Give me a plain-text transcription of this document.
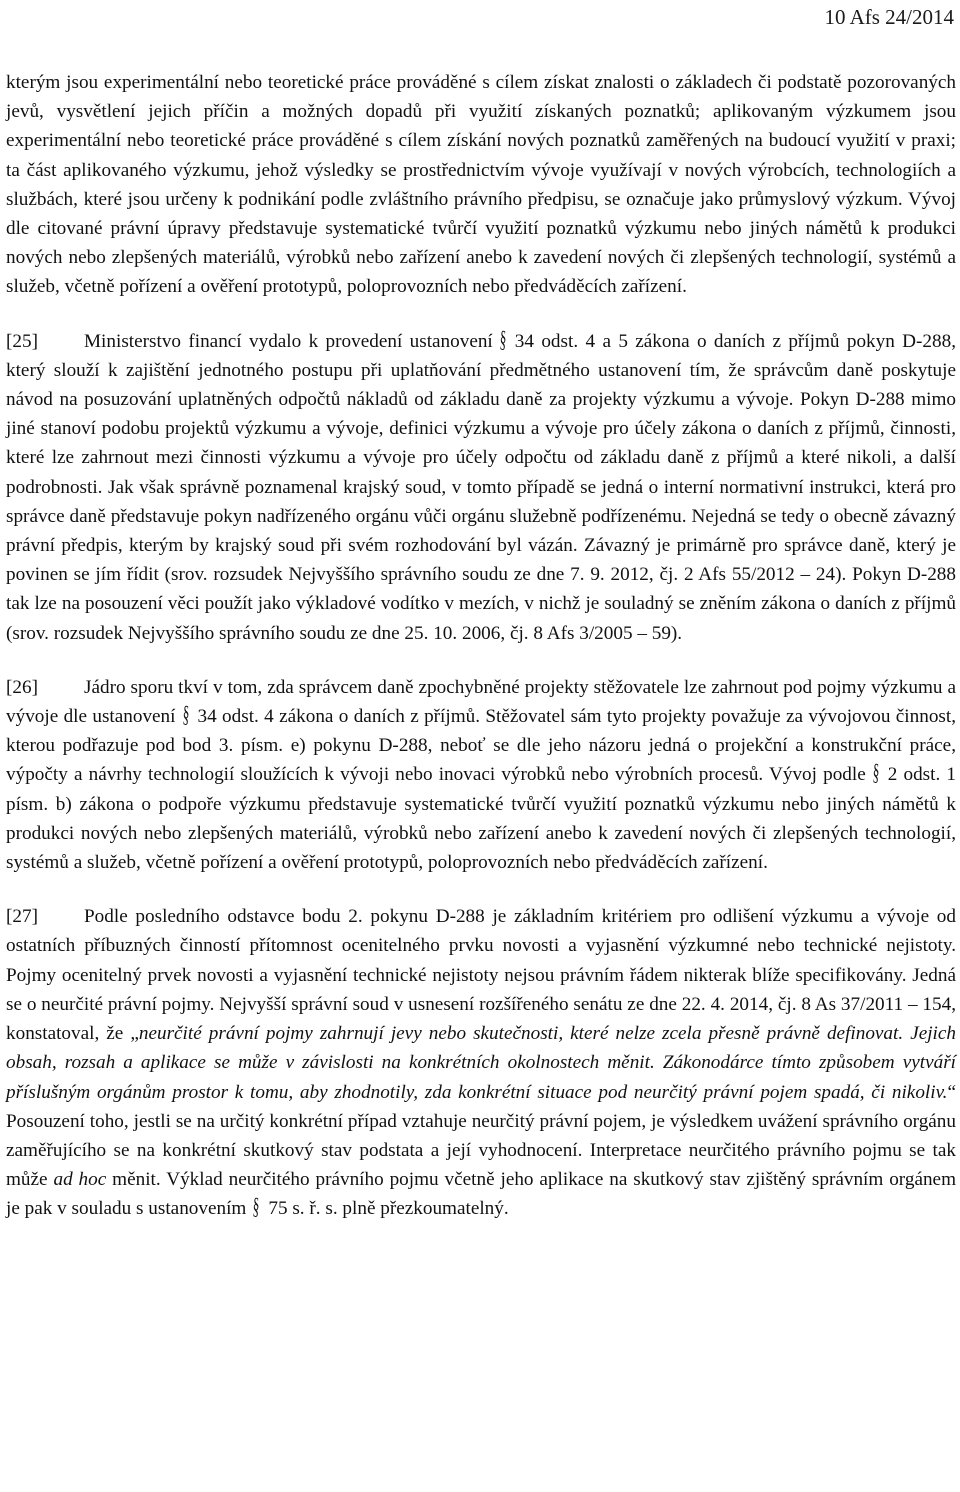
10 Afs 24/2014

kterým jsou experimentální nebo teoretické práce prováděné s cílem získat znalosti o základech či podstatě pozorovaných jevů, vysvětlení jejich příčin a možných dopadů při využití získaných poznatků; aplikovaným výzkumem jsou experimentální nebo teoretické práce prováděné s cílem získání nových poznatků zaměřených na budoucí využití v praxi; ta část aplikovaného výzkumu, jehož výsledky se prostřednictvím vývoje využívají v nových výrobcích, technologiích a službách, které jsou určeny k podnikání podle zvláštního právního předpisu, se označuje jako průmyslový výzkum. Vývoj dle citované právní úpravy představuje systematické tvůrčí využití poznatků výzkumu nebo jiných námětů k produkci nových nebo zlepšených materiálů, výrobků nebo zařízení anebo k zavedení nových či zlepšených technologií, systémů a služeb, včetně pořízení a ověření prototypů, poloprovozních nebo předváděcích zařízení.

[25] Ministerstvo financí vydalo k provedení ustanovení § 34 odst. 4 a 5 zákona o daních z příjmů pokyn D-288, který slouží k zajištění jednotného postupu při uplatňování předmětného ustanovení tím, že správcům daně poskytuje návod na posuzování uplatněných odpočtů nákladů od základu daně za projekty výzkumu a vývoje. Pokyn D-288 mimo jiné stanoví podobu projektů výzkumu a vývoje, definici výzkumu a vývoje pro účely zákona o daních z příjmů, činnosti, které lze zahrnout mezi činnosti výzkumu a vývoje pro účely odpočtu od základu daně z příjmů a které nikoli, a další podrobnosti. Jak však správně poznamenal krajský soud, v tomto případě se jedná o interní normativní instrukci, která pro správce daně představuje pokyn nadřízeného orgánu vůči orgánu služebně podřízenému. Nejedná se tedy o obecně závazný právní předpis, kterým by krajský soud při svém rozhodování byl vázán. Závazný je primárně pro správce daně, který je povinen se jím řídit (srov. rozsudek Nejvyššího správního soudu ze dne 7. 9. 2012, čj. 2 Afs 55/2012 – 24). Pokyn D-288 tak lze na posouzení věci použít jako výkladové vodítko v mezích, v nichž je souladný se zněním zákona o daních z příjmů (srov. rozsudek Nejvyššího správního soudu ze dne 25. 10. 2006, čj. 8 Afs 3/2005 – 59).

[26] Jádro sporu tkví v tom, zda správcem daně zpochybněné projekty stěžovatele lze zahrnout pod pojmy výzkumu a vývoje dle ustanovení § 34 odst. 4 zákona o daních z příjmů. Stěžovatel sám tyto projekty považuje za vývojovou činnost, kterou podřazuje pod bod 3. písm. e) pokynu D-288, neboť se dle jeho názoru jedná o projekční a konstrukční práce, výpočty a návrhy technologií sloužících k vývoji nebo inovaci výrobků nebo výrobních procesů. Vývoj podle § 2 odst. 1 písm. b) zákona o podpoře výzkumu představuje systematické tvůrčí využití poznatků výzkumu nebo jiných námětů k produkci nových nebo zlepšených materiálů, výrobků nebo zařízení anebo k zavedení nových či zlepšených technologií, systémů a služeb, včetně pořízení a ověření prototypů, poloprovozních nebo předváděcích zařízení.

[27] Podle posledního odstavce bodu 2. pokynu D-288 je základním kritériem pro odlišení výzkumu a vývoje od ostatních příbuzných činností přítomnost ocenitelného prvku novosti a vyjasnění výzkumné nebo technické nejistoty. Pojmy ocenitelný prvek novosti a vyjasnění technické nejistoty nejsou právním řádem nikterak blíže specifikovány. Jedná se o neurčité právní pojmy. Nejvyšší správní soud v usnesení rozšířeného senátu ze dne 22. 4. 2014, čj. 8 As 37/2011 – 154, konstatoval, že „neurčité právní pojmy zahrnují jevy nebo skutečnosti, které nelze zcela přesně právně definovat. Jejich obsah, rozsah a aplikace se může v závislosti na konkrétních okolnostech měnit. Zákonodárce tímto způsobem vytváří příslušným orgánům prostor k tomu, aby zhodnotily, zda konkrétní situace pod neurčitý právní pojem spadá, či nikoliv.“ Posouzení toho, jestli se na určitý konkrétní případ vztahuje neurčitý právní pojem, je výsledkem uvážení správního orgánu zaměřujícího se na konkrétní skutkový stav podstata a její vyhodnocení. Interpretace neurčitého právního pojmu se tak může ad hoc měnit. Výklad neurčitého právního pojmu včetně jeho aplikace na skutkový stav zjištěný správním orgánem je pak v souladu s ustanovením § 75 s. ř. s. plně přezkoumatelný.
